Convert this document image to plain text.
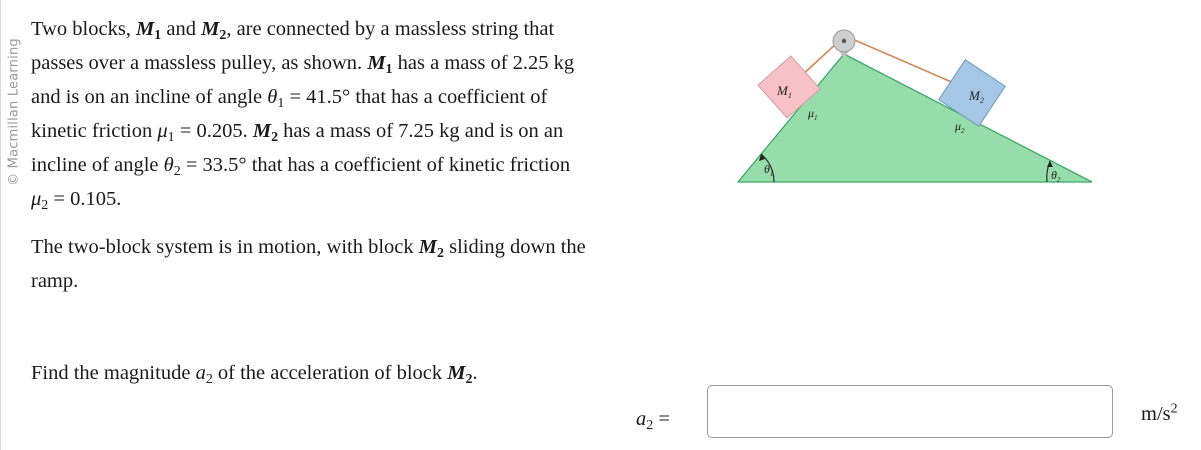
© Macmillan Learning

Two blocks, $M_1$ and $M_2$, are connected by a massless string that passes over a massless pulley, as shown. $M_1$ has a mass of 2.25 kg and is on an incline of angle $\theta_1 = 41.5^\circ$ that has a coefficient of kinetic friction $\mu_1 = 0.205$. $M_2$ has a mass of 7.25 kg and is on an incline of angle $\theta_2 = 33.5^\circ$ that has a coefficient of kinetic friction $\mu_2 = 0.105$.

The two-block system is in motion, with block $M_2$ sliding down the ramp.

$M_1$	$M_2$
$\mu_1$
$\mu_2$
$\theta_1$	$\theta_2$

Find the magnitude $a_2$ of the acceleration of block $M_2$.

$a_2$ =	$m/s^2$
